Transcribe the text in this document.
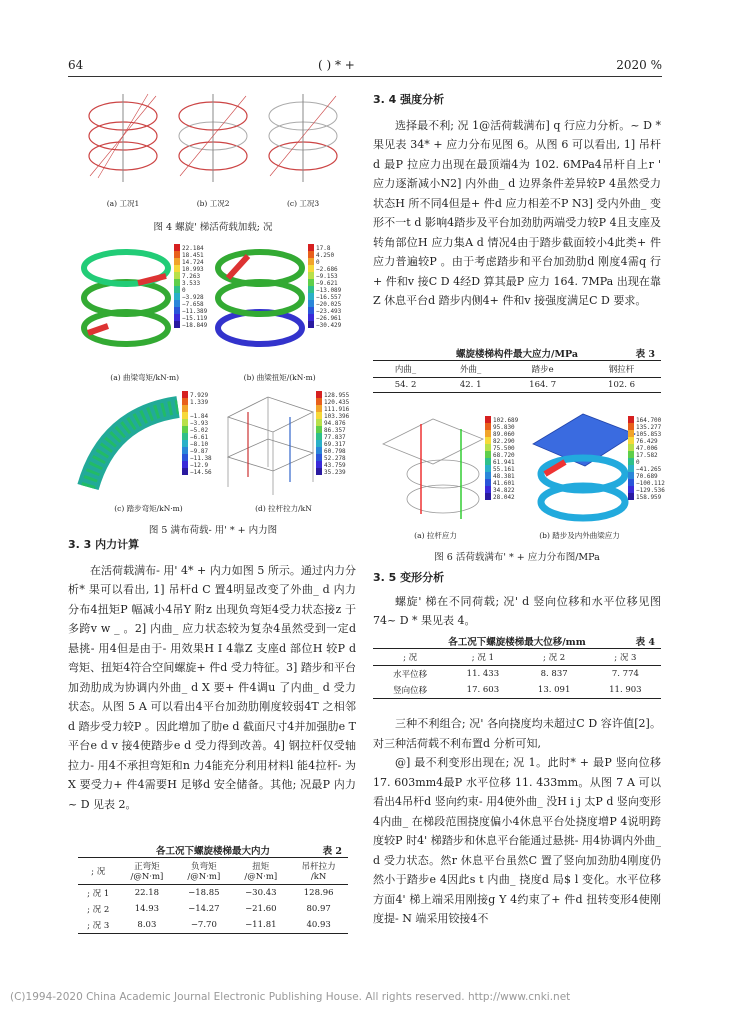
64	( ) * +	2020 %
(a) 工况1	(b) 工况2	(c) 工况3

图 4 螺旋' 梯活荷载加载; 况

22.184
18.451
14.724
10.993
7.263
3.533
0
−3.928
−7.658
−11.389
−15.119
−18.849
17.8
4.250
0
−2.686
−9.153
−9.621
−13.089
−16.557
−20.025
−23.493
−26.961
−30.429
(a) 曲梁弯矩/kN·m)	(b) 曲梁扭矩/(kN·m)
7.929
1.339
−1.84
−3.93
−5.02
−6.61
−8.10
−9.87
−11.38
−12.9
−14.56
128.955
120.435
111.916
103.396
94.876
86.357
77.837
69.317
60.798
52.278
43.759
35.239
(c) 踏步弯矩/kN·m)	(d) 拉杆拉力/kN

图 5 满布荷载- 用' * + 内力图

3. 3 内力计算

在活荷载满布- 用' 4* + 内力如图 5 所示。通过内力分析* 果可以看出, 1] 吊杆d C 置4明显改变了外曲_ d 内力分布4扭矩P 幅减小4吊Y 附z 出现负弯矩4受力状态接z 于多跨v w _ 。2] 内曲_ 应力状态较为复杂4虽然受到一定d 悬挑- 用4但是由于- 用效果H I 4靠Z 支座d 部位H 较P d 弯矩、扭矩4符合空间螺旋+ 件d 受力特征。3] 踏步和平台加劲肋成为协调内外曲_ d X 要+ 件4调u 了内曲_ d 受力状态。从图 5 A 可以看出4平台加劲肋刚度较弱4T 之相邻d 踏步受力较P 。因此增加了肋e d 截面尺寸4并加强肋e T 平台e d v 接4使踏步e d 受力得到改善。4] 钢拉杆仅受轴拉力- 用4不承担弯矩和n 力4能充分利用材料l 能4拉杆- 为X 要受力+ 件4需要H 足够d 安全储备。其他; 况最P 内力~ D 见表 2。

各工况下螺旋楼梯最大内力	表 2
; 况	正弯矩
/@N·m]	负弯矩
/@N·m]	扭矩
/@N·m]	吊杆拉力
/kN
; 况 1	22.18	−18.85	−30.43	128.96
; 况 2	14.93	−14.27	−21.60	80.97
; 况 3	8.03	−7.70	−11.81	40.93

3. 4 强度分析

选择最不利; 况 1@活荷载满布] q 行应力分析。~ D * 果见表 34* + 应力分布见图 6。从图 6 可以看出, 1] 吊杆d 最P 拉应力出现在最顶端4为 102. 6MPa4吊杆自上r ' 应力逐渐减小N2] 内外曲_ d 边界条件差异较P 4虽然受力状态H 所不同4但是+ 件d 应力相差不P N3] 受内外曲_ 变形不一t d 影响4踏步及平台加劲肋两端受力较P 4且支座及转角部位H 应力集A d 情况4由于踏步截面较小4此类+ 件应力普遍较P 。由于考虑踏步和平台加劲肋d 刚度4需q 行+ 件和v 接C D 4经D 算其最P 应力 164. 7MPa 出现在靠Z 休息平台d 踏步内侧4+ 件和v 接强度满足C D 要求。

螺旋楼梯构件最大应力/MPa	表 3
内曲_	外曲_	踏步e	钢拉杆
54. 2	42. 1	164. 7	102. 6
102.689
95.830
89.060
82.290
75.500
68.720
61.941
55.161
48.381
41.601
34.822
28.042
164.700
135.277
105.853
76.429
47.006
17.582
0
−41.265
70.689
−100.112
−129.536
158.959
(a) 拉杆应力	(b) 踏步及内外曲梁应力

图 6 活荷载满布' * + 应力分布图/MPa

3. 5 变形分析

螺旋' 梯在不同荷载; 况' d 竖向位移和水平位移见图 74~ D * 果见表 4。

各工况下螺旋楼梯最大位移/mm	表 4
; 况	; 况 1	; 况 2	; 况 3
水平位移	11. 433	8. 837	7. 774
竖向位移	17. 603	13. 091	11. 903

三种不利组合; 况' 各向挠度均未超过C D 容许值[2]。对三种活荷载不利布置d 分析可知,

@] 最不利变形出现在; 况 1。此时* + 最P 竖向位移 17. 603mm4最P 水平位移 11. 433mm。从图 7 A 可以看出4吊杆d 竖向约束- 用4使外曲_ 没H i j 太P d 竖向变形4内曲_ 在梯段范围挠度偏小4休息平台处挠度增P 4说明跨度较P 时4' 梯踏步和休息平台能通过悬挑- 用4协调内外曲_ d 受力状态。然r 休息平台虽然C 置了竖向加劲肋4刚度仍然小于踏步e 4因此s t 内曲_ 挠度d 局$ l 变化。水平位移方面4' 梯上端采用刚接g Y 4约束了+ 件d 扭转变形4使刚度提- N 端采用铰接4不

(C)1994-2020 China Academic Journal Electronic Publishing House. All rights reserved. http://www.cnki.net
